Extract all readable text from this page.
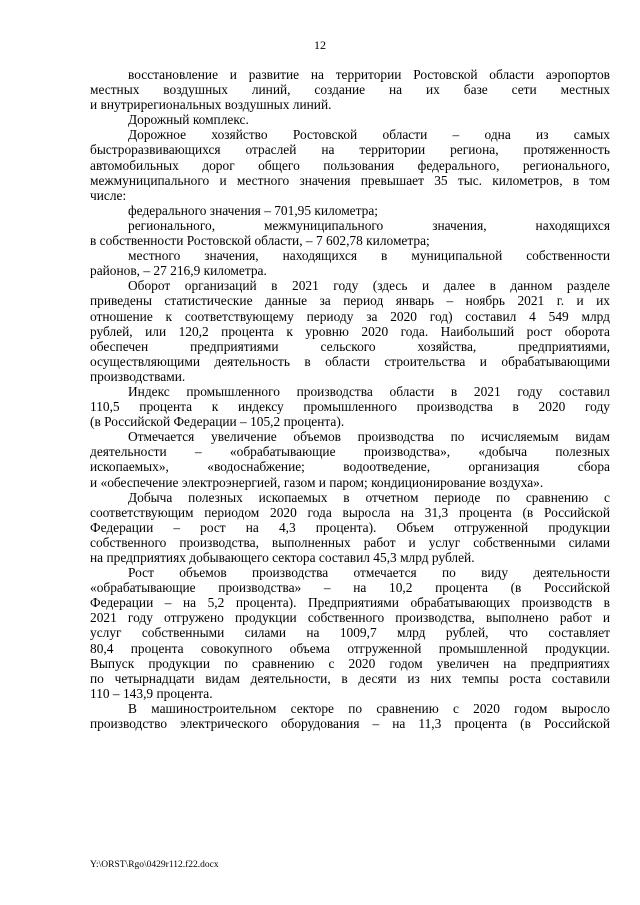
12
восстановление и развитие на территории Ростовской области аэропортов
местных воздушных линий, создание на их базе сети местных
и внутрирегиональных воздушных линий.
Дорожный комплекс.
Дорожное хозяйство Ростовской области – одна из самых
быстроразвивающихся отраслей на территории региона, протяженность
автомобильных дорог общего пользования федерального, регионального,
межмуниципального и местного значения превышает 35 тыс. километров, в том
числе:
федерального значения – 701,95 километра;
регионального, межмуниципального значения, находящихся
в собственности Ростовской области, – 7 602,78 километра;
местного значения, находящихся в муниципальной собственности
районов, – 27 216,9 километра.
Оборот организаций в 2021 году (здесь и далее в данном разделе
приведены статистические данные за период январь – ноябрь 2021 г. и их
отношение к соответствующему периоду за 2020 год) составил 4 549 млрд
рублей, или 120,2 процента к уровню 2020 года. Наибольший рост оборота
обеспечен предприятиями сельского хозяйства, предприятиями,
осуществляющими деятельность в области строительства и обрабатывающими
производствами.
Индекс промышленного производства области в 2021 году составил
110,5 процента к индексу промышленного производства в 2020 году
(в Российской Федерации – 105,2 процента).
Отмечается увеличение объемов производства по исчисляемым видам
деятельности – «обрабатывающие производства», «добыча полезных
ископаемых», «водоснабжение; водоотведение, организация сбора
и «обеспечение электроэнергией, газом и паром; кондиционирование воздуха».
Добыча полезных ископаемых в отчетном периоде по сравнению с
соответствующим периодом 2020 года выросла на 31,3 процента (в Российской
Федерации – рост на 4,3 процента). Объем отгруженной продукции
собственного производства, выполненных работ и услуг собственными силами
на предприятиях добывающего сектора составил 45,3 млрд рублей.
Рост объемов производства отмечается по виду деятельности
«обрабатывающие производства» – на 10,2 процента (в Российской
Федерации – на 5,2 процента). Предприятиями обрабатывающих производств в
2021 году отгружено продукции собственного производства, выполнено работ и
услуг собственными силами на 1009,7 млрд рублей, что составляет
80,4 процента совокупного объема отгруженной промышленной продукции.
Выпуск продукции по сравнению с 2020 годом увеличен на предприятиях
по четырнадцати видам деятельности, в десяти из них темпы роста составили
110 – 143,9 процента.
В машиностроительном секторе по сравнению с 2020 годом выросло
производство электрического оборудования – на 11,3 процента (в Российской
Y:\ORST\Rgo\0429r112.f22.docx
